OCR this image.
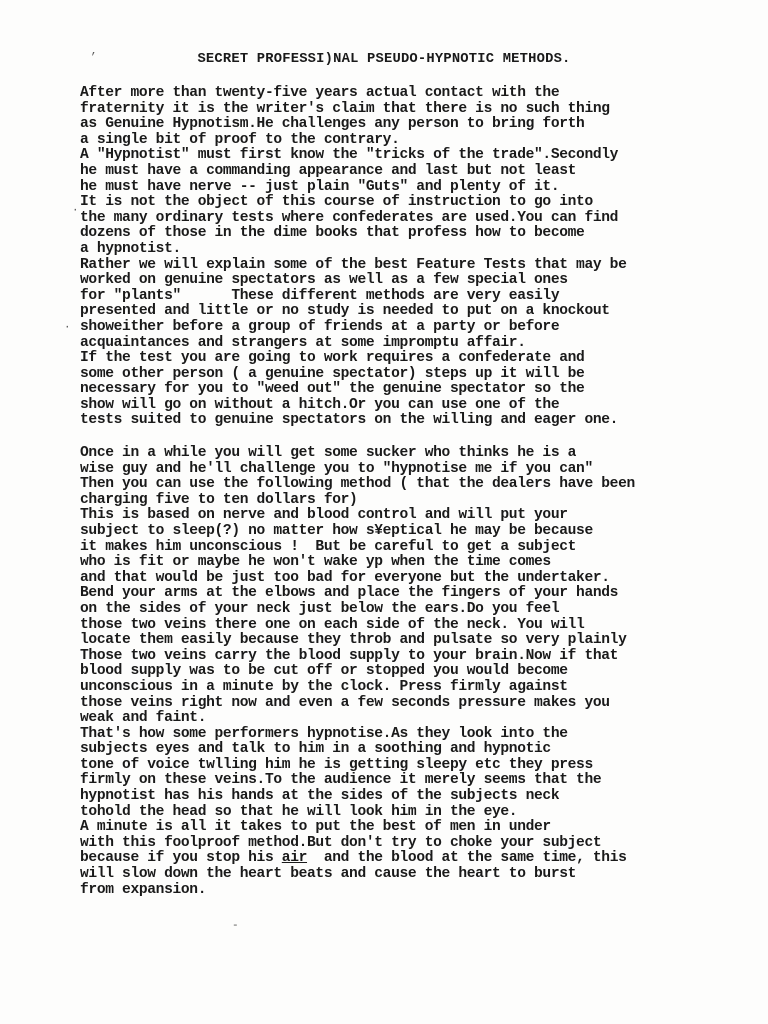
’
·
·
SECRET PROFESSI)NAL PSEUDO-HYPNOTIC METHODS.
After more than twenty-five years actual contact with the
fraternity it is the writer's claim that there is no such thing
as Genuine Hypnotism.He challenges any person to bring forth
a single bit of proof to the contrary.
A "Hypnotist" must first know the "tricks of the trade".Secondly
he must have a commanding appearance and last but not least
he must have nerve -- just plain "Guts" and plenty of it.
It is not the object of this course of instruction to go into
the many ordinary tests where confederates are used.You can find
dozens of those in the dime books that profess how to become
a hypnotist.
Rather we will explain some of the best Feature Tests that may be
worked on genuine spectators as well as a few special ones
for "plants"      These different methods are very easily
presented and little or no study is needed to put on a knockout
showeither before a group of friends at a party or before
acquaintances and strangers at some impromptu affair.
If the test you are going to work requires a confederate and
some other person ( a genuine spectator) steps up it will be
necessary for you to "weed out" the genuine spectator so the
show will go on without a hitch.Or you can use one of the
tests suited to genuine spectators on the willing and eager one.
Once in a while you will get some sucker who thinks he is a
wise guy and he'll challenge you to "hypnotise me if you can"
Then you can use the following method ( that the dealers have been
charging five to ten dollars for)
This is based on nerve and blood control and will put your
subject to sleep(?) no matter how s¥eptical he may be because
it makes him unconscious !  But be careful to get a subject
who is fit or maybe he won't wake yp when the time comes
and that would be just too bad for everyone but the undertaker.
Bend your arms at the elbows and place the fingers of your hands
on the sides of your neck just below the ears.Do you feel
those two veins there one on each side of the neck. You will
locate them easily because they throb and pulsate so very plainly
Those two veins carry the blood supply to your brain.Now if that
blood supply was to be cut off or stopped you would become
unconscious in a minute by the clock. Press firmly against
those veins right now and even a few seconds pressure makes you
weak and faint.
That's how some performers hypnotise.As they look into the
subjects eyes and talk to him in a soothing and hypnotic
tone of voice twlling him he is getting sleepy etc they press
firmly on these veins.To the audience it merely seems that the
hypnotist has his hands at the sides of the subjects neck
tohold the head so that he will look him in the eye.
A minute is all it takes to put the best of men in under
with this foolproof method.But don't try to choke your subject
because if you stop his air  and the blood at the same time, this
will slow down the heart beats and cause the heart to burst
from expansion.
-
